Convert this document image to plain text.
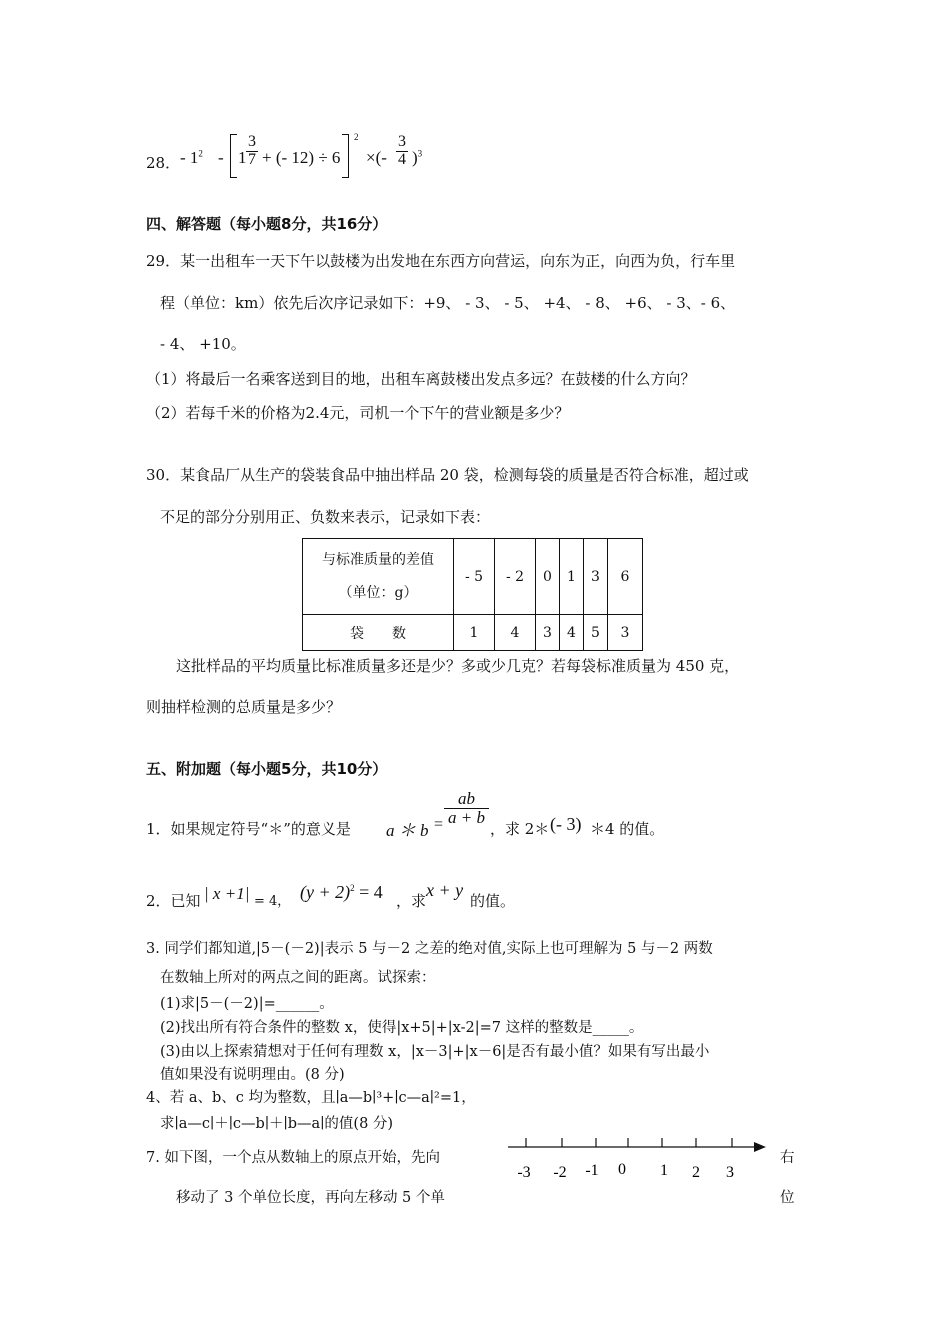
28． - $1^2 - 1 \frac{3}{7}$ + (- 12) ÷ 6
2
×(- $\frac{3}{4} )^3$
四、解答题（每小题8分，共16分）
29．某一出租车一天下午以鼓楼为出发地在东西方向营运，向东为正，向西为负，行车里
程（单位：km）依先后次序记录如下：+9、 ‐ 3、 ‐ 5、 +4、 ‐ 8、 +6、 ‐ 3、‐ 6、
‐ 4、 +10。
（1）将最后一名乘客送到目的地，出租车离鼓楼出发点多远？在鼓楼的什么方向？
（2）若每千米的价格为2.4元，司机一个下午的营业额是多少？
30．某食品厂从生产的袋装食品中抽出样品 20 袋，检测每袋的质量是否符合标准，超过或
不足的部分分别用正、负数来表示，记录如下表：
与标准质量的差值
（单位：g）	‐ 5	‐ 2	0	1	3	6
袋　　数	1	4	3	4	5	3
这批样品的平均质量比标准质量多还是少？多或少几克？若每袋标准质量为 450 克，
则抽样检测的总质量是多少？
五、附加题（每小题5分，共10分）
1．如果规定符号“＊”的意义是 a ＊ $b = \frac{ab}{a + b}$
，求 2＊ (- 3) ＊4 的值。
2．已知 | x +1| = 4， $(y + 2)^2 = 4$ ，求
x + y
的值。
3. 同学们都知道,|5－(－2)|表示 5 与－2 之差的绝对值,实际上也可理解为 5 与－2 两数
在数轴上所对的两点之间的距离。试探索：
(1)求|5－(－2)|=______。
(2)找出所有符合条件的整数 x，使得|x+5|+|x-2|=7 这样的整数是_____。
(3)由以上探索猜想对于任何有理数 x，|x－3|+|x－6|是否有最小值？如果有写出最小
值如果没有说明理由。(8 分)
4、若 a、b、c 均为整数，且∣a—b∣³+∣c—a∣²=1，
求∣a—c∣＋∣c—b∣＋∣b—a∣的值(8 分)
7. 如下图，一个点从数轴上的原点开始，先向
移动了 3 个单位长度，再向左移动 5 个单
右
位
-3 -2 -1 0 1 2 3
